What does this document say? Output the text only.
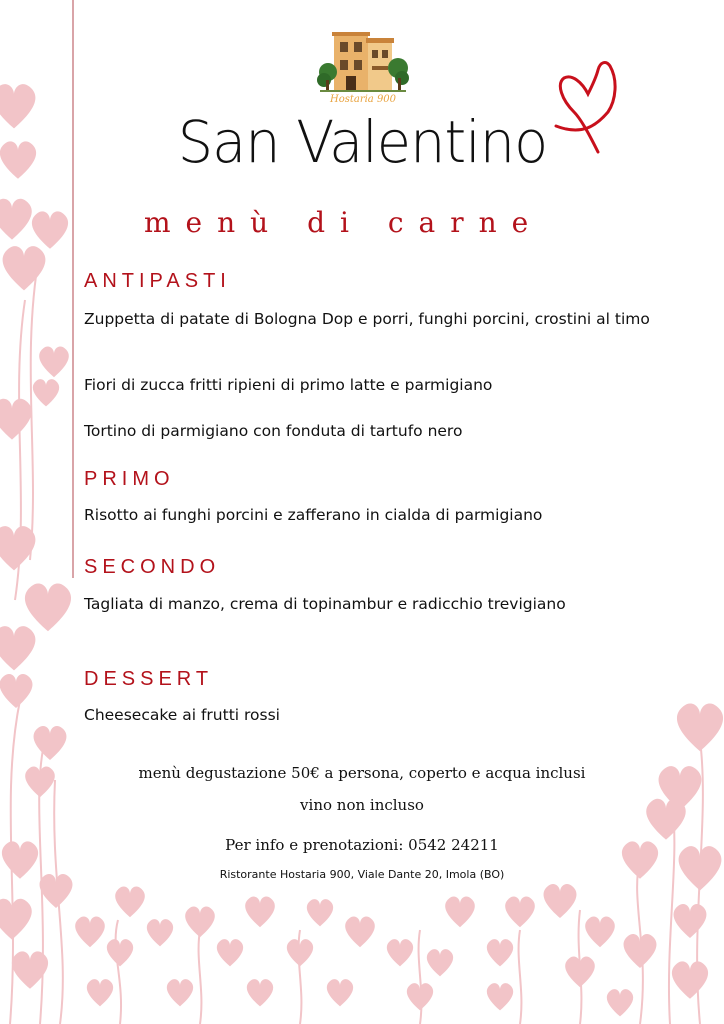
Hostaria 900
San Valentino
menù di carne
ANTIPASTI
Zuppetta di patate di Bologna Dop e porri, funghi porcini, crostini al timo
Fiori di zucca fritti ripieni di primo latte e parmigiano
Tortino di parmigiano con fonduta di tartufo nero
PRIMO
Risotto ai funghi porcini e zafferano in cialda di parmigiano
SECONDO
Tagliata di manzo, crema di topinambur e radicchio trevigiano
DESSERT
Cheesecake ai frutti rossi
menù degustazione 50€ a persona, coperto e acqua inclusi
vino non incluso
Per info e prenotazioni: 0542 24211
Ristorante Hostaria 900, Viale Dante 20, Imola (BO)
